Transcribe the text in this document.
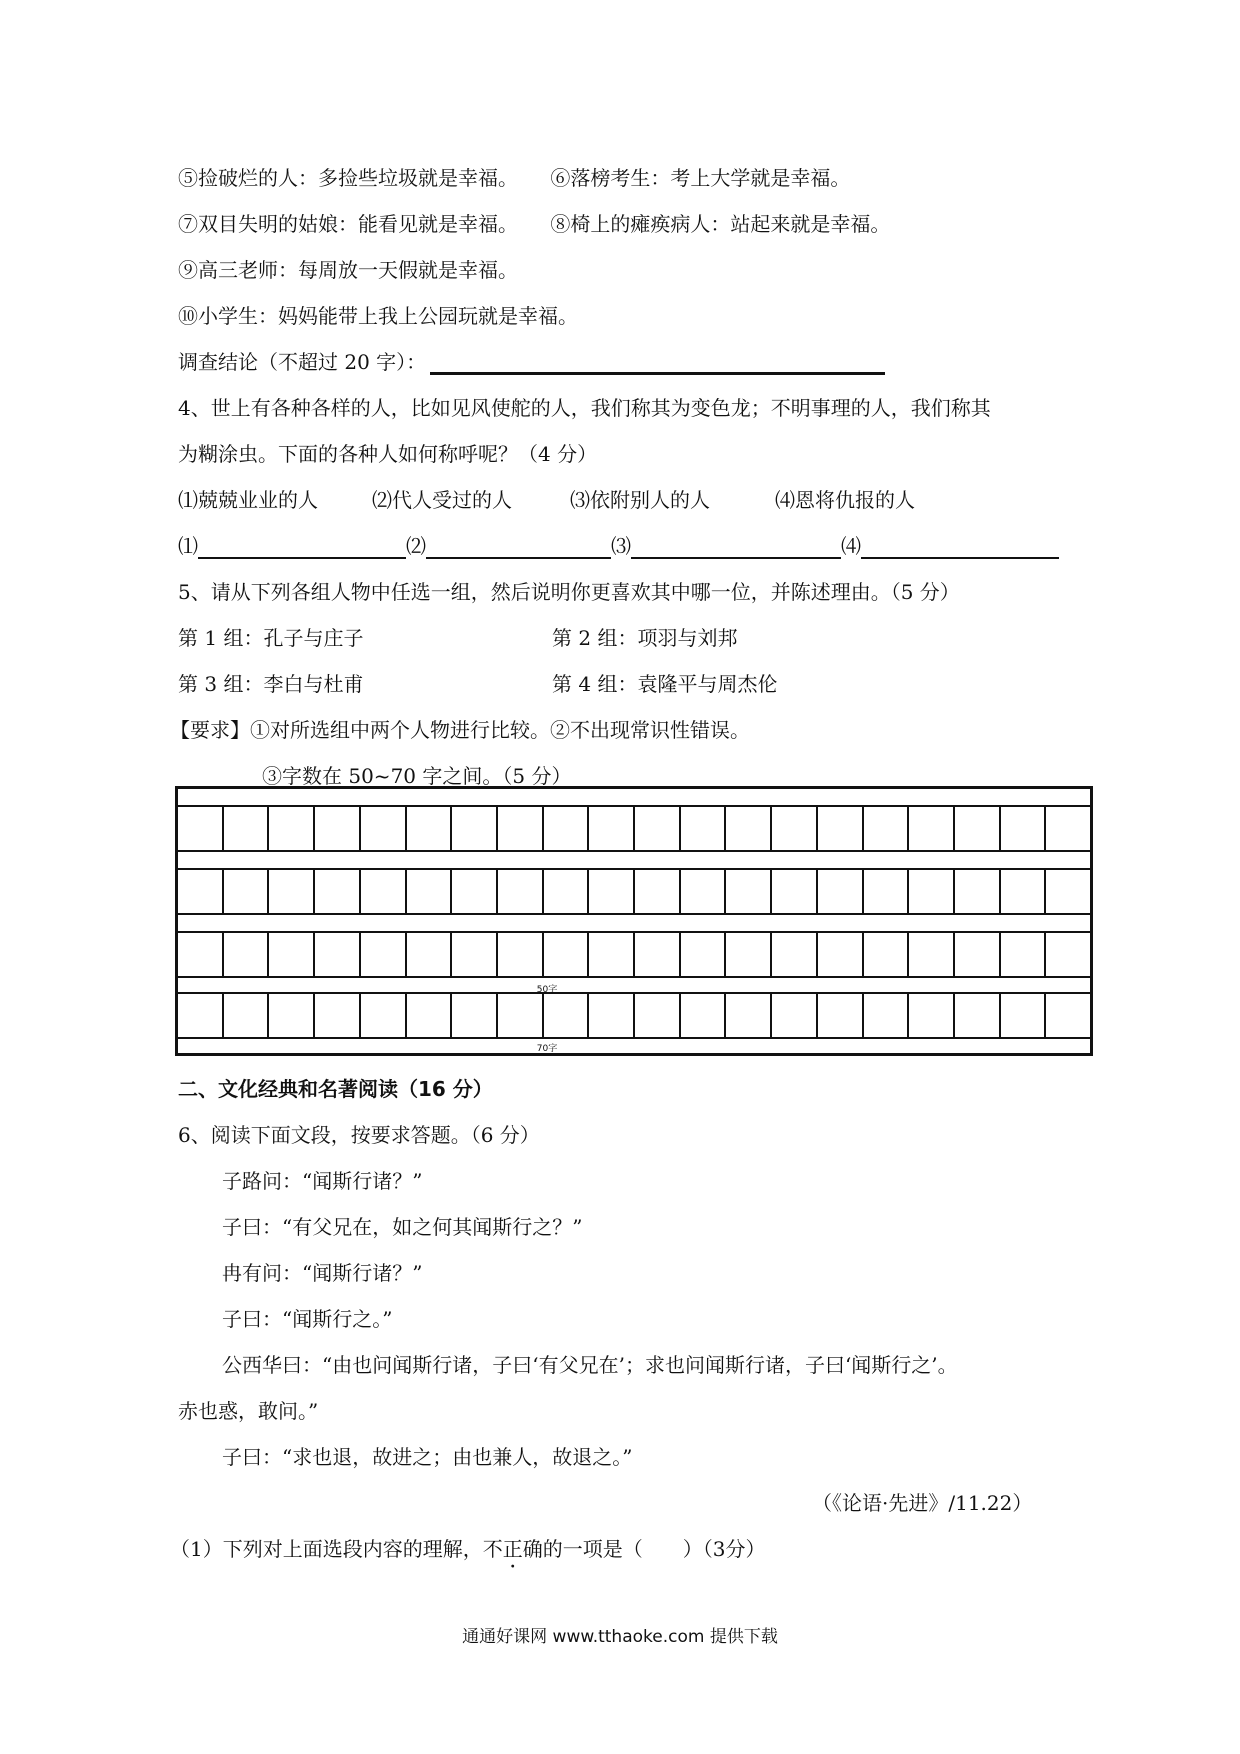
⑤捡破烂的人：多捡些垃圾就是幸福。 ⑥落榜考生：考上大学就是幸福。
⑦双目失明的姑娘：能看见就是幸福。 ⑧椅上的瘫痪病人：站起来就是幸福。
⑨高三老师：每周放一天假就是幸福。
⑩小学生：妈妈能带上我上公园玩就是幸福。
调查结论（不超过 20 字）：
4、世上有各种各样的人，比如见风使舵的人，我们称其为变色龙；不明事理的人，我们称其
为糊涂虫。下面的各种人如何称呼呢？（4 分）
⑴兢兢业业的人	⑵代人受过的人	⑶依附别人的人	⑷恩将仇报的人
⑴	⑵	⑶	⑷
5、请从下列各组人物中任选一组，然后说明你更喜欢其中哪一位，并陈述理由。（5 分）
第 1 组：孔子与庄子	第 2 组：项羽与刘邦
第 3 组：李白与杜甫	第 4 组：袁隆平与周杰伦
【要求】①对所选组中两个人物进行比较。②不出现常识性错误。
③字数在 50~70 字之间。（5 分）
50字
70字
二、文化经典和名著阅读（16 分）
6、阅读下面文段，按要求答题。（6 分）
子路问：“闻斯行诸？”
子曰：“有父兄在，如之何其闻斯行之？”
冉有问：“闻斯行诸？”
子曰：“闻斯行之。”
公西华曰：“由也问闻斯行诸，子曰‘有父兄在’；求也问闻斯行诸，子曰‘闻斯行之’。
赤也惑，敢问。”
子曰：“求也退，故进之；由也兼人，故退之。”
（《论语·先进》/11.22）
（1）下列对上面选段内容的理解，不正确的一项是（　　）（3分）
通通好课网 www.tthaoke.com 提供下载
